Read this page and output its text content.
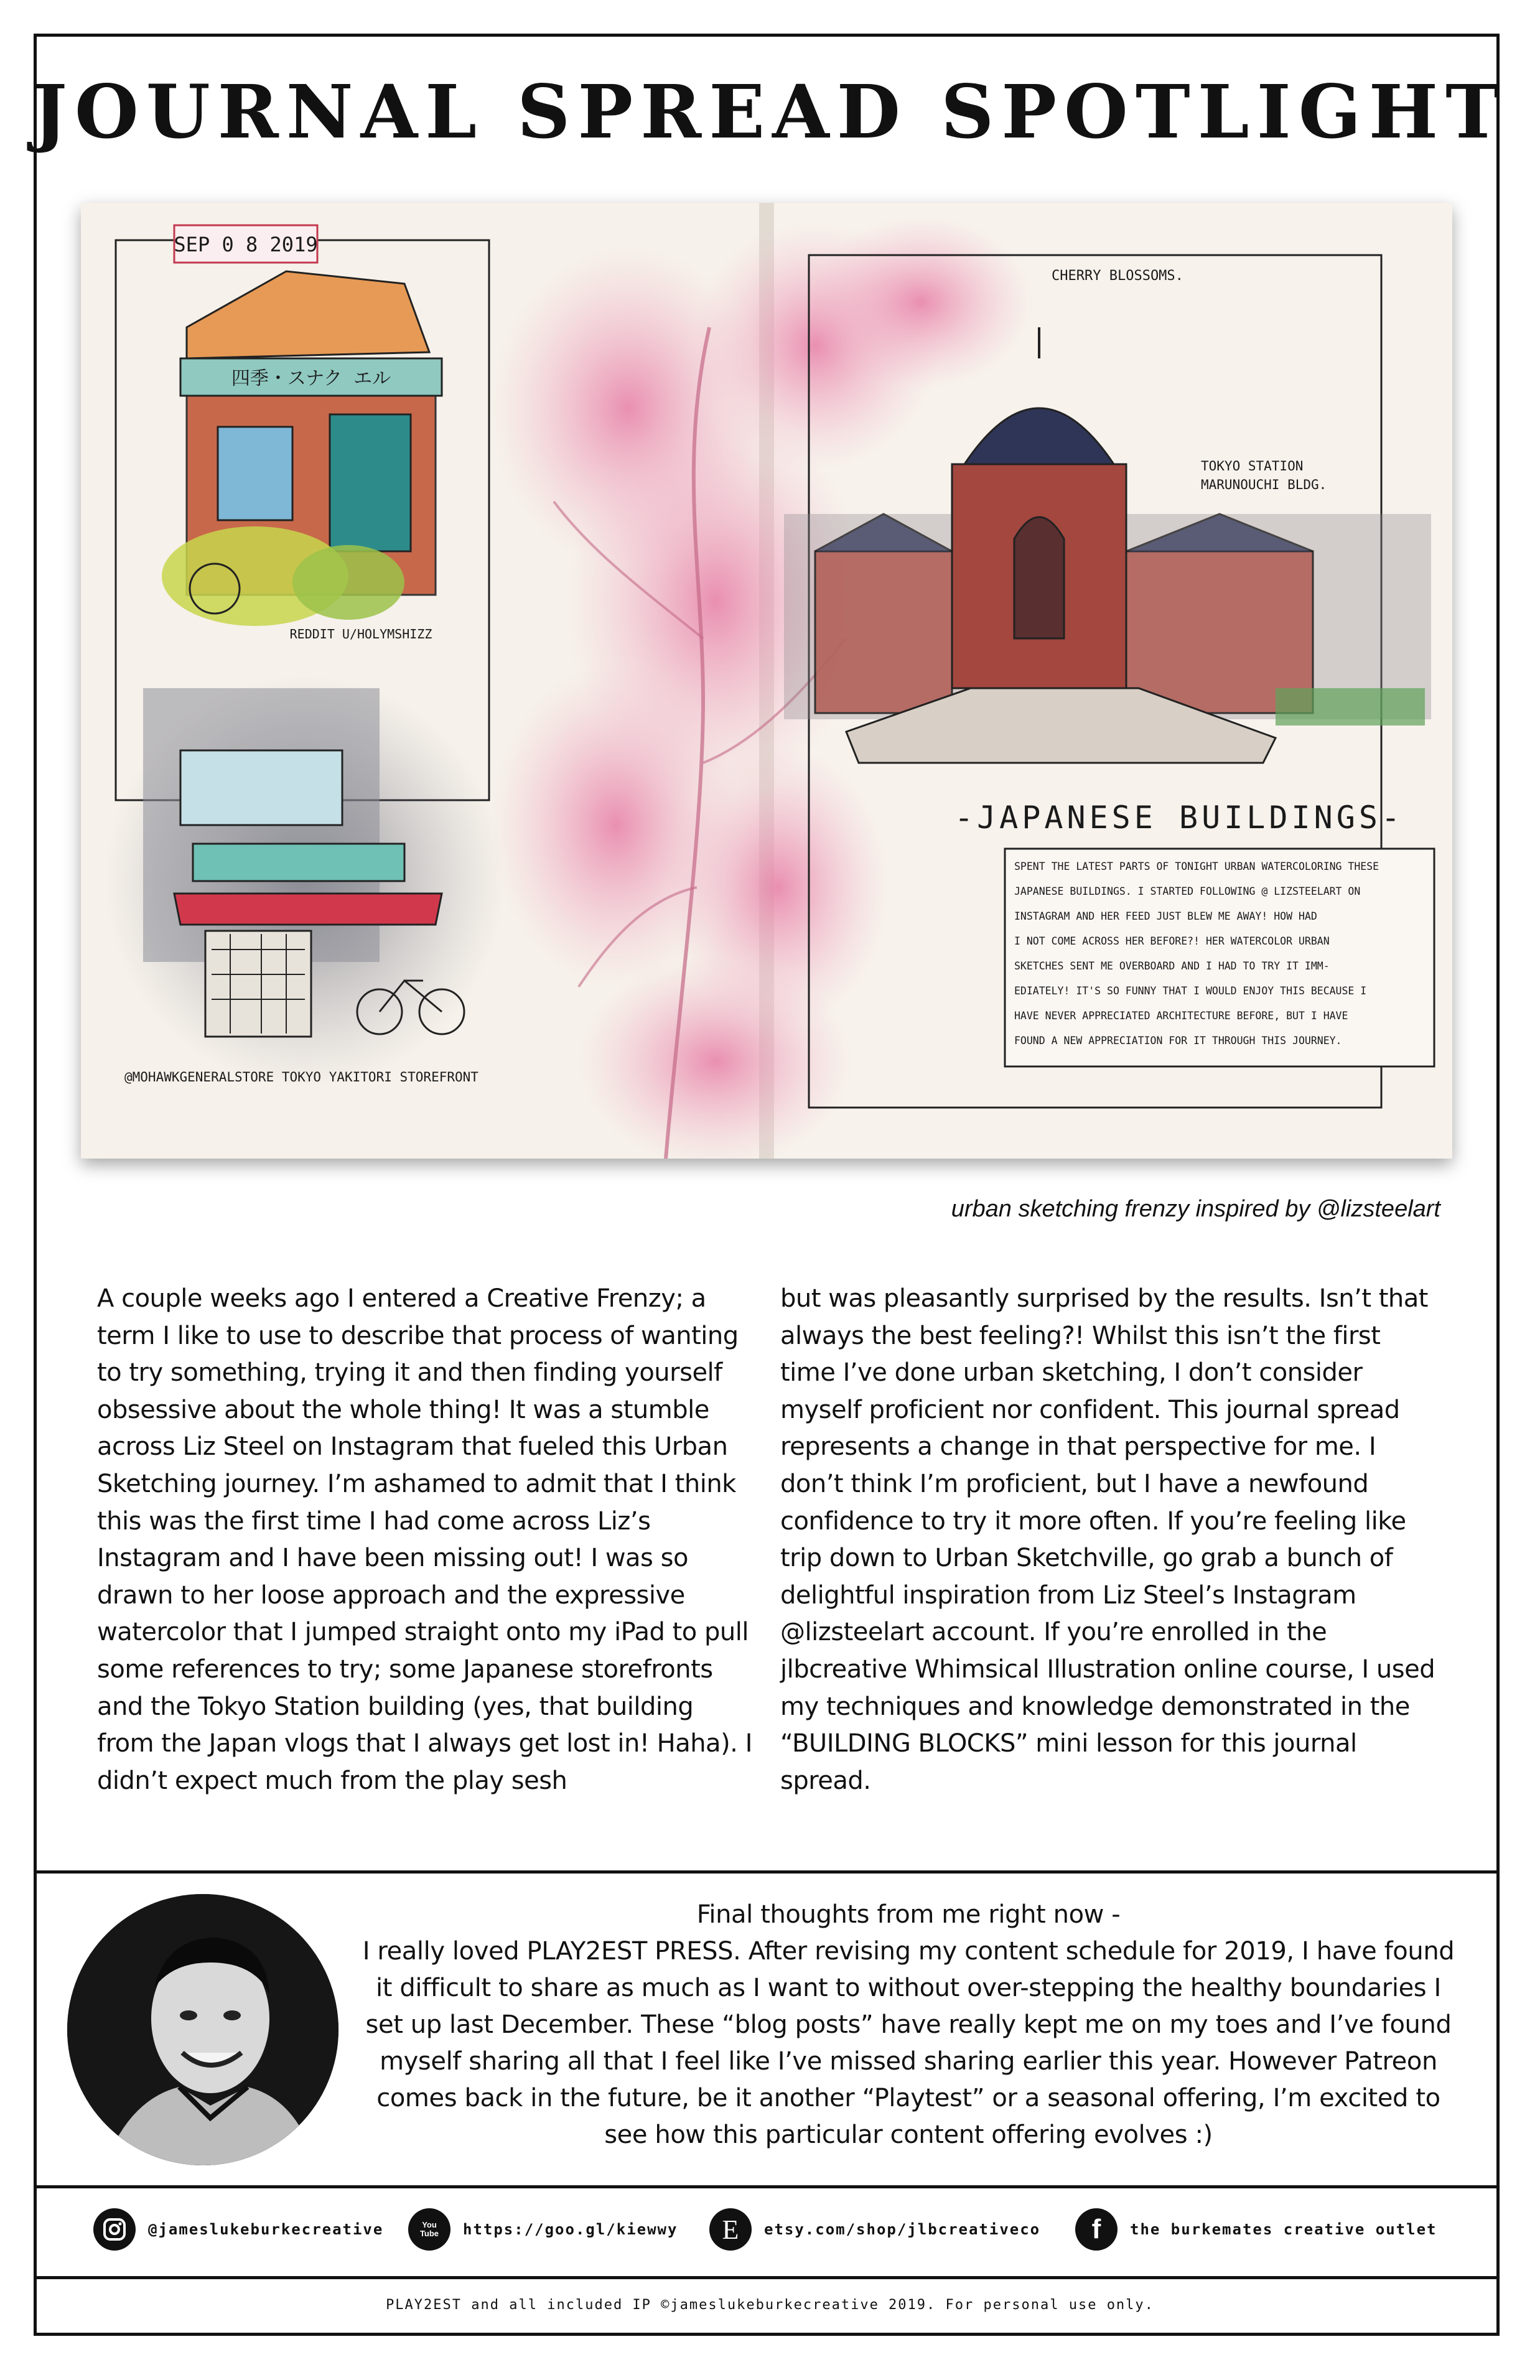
JOURNAL SPREAD SPOTLIGHT
SEP 0 8 2019
四季・スナク エル
REDDIT U/HOLYMSHIZZ
@MOHAWKGENERALSTORE TOKYO YAKITORI STOREFRONT
CHERRY BLOSSOMS.
TOKYO STATION
MARUNOUCHI BLDG.
-JAPANESE BUILDINGS-
SPENT THE LATEST PARTS OF TONIGHT URBAN WATERCOLORING THESE
JAPANESE BUILDINGS. I STARTED FOLLOWING @ LIZSTEELART ON
INSTAGRAM AND HER FEED JUST BLEW ME AWAY! HOW HAD
I NOT COME ACROSS HER BEFORE?! HER WATERCOLOR URBAN
SKETCHES SENT ME OVERBOARD AND I HAD TO TRY IT IMM-
EDIATELY! IT'S SO FUNNY THAT I WOULD ENJOY THIS BECAUSE I
HAVE NEVER APPRECIATED ARCHITECTURE BEFORE, BUT I HAVE
FOUND A NEW APPRECIATION FOR IT THROUGH THIS JOURNEY.
urban sketching frenzy inspired by @lizsteelart
A couple weeks ago I entered a Creative Frenzy; a term I like to use to describe that process of wanting to try something, trying it and then finding yourself obsessive about the whole thing! It was a stumble across Liz Steel on Instagram that fueled this Urban Sketching journey. I’m ashamed to admit that I think this was the first time I had come across Liz’s Instagram and I have been missing out! I was so drawn to her loose approach and the expressive watercolor that I jumped straight onto my iPad to pull some references to try; some Japanese storefronts and the Tokyo Station building (yes, that building from the Japan vlogs that I always get lost in! Haha). I didn’t expect much from the play sesh
but was pleasantly surprised by the results. Isn’t that always the best feeling?! Whilst this isn’t the first time I’ve done urban sketching, I don’t consider myself proficient nor confident. This journal spread represents a change in that perspective for me. I don’t think I’m proficient, but I have a newfound confidence to try it more often. If you’re feeling like trip down to Urban Sketchville, go grab a bunch of delightful inspiration from Liz Steel’s Instagram @lizsteelart account. If you’re enrolled in the jlbcreative Whimsical Illustration online course, I used my techniques and knowledge demonstrated in the “BUILDING BLOCKS” mini lesson for this journal spread.
Final thoughts from me right now -
I really loved PLAY2EST PRESS. After revising my content schedule for 2019, I have found it difficult to share as much as I want to without over-stepping the healthy boundaries I set up last December. These “blog posts” have really kept me on my toes and I’ve found myself sharing all that I feel like I’ve missed sharing earlier this year. However Patreon comes back in the future, be it another “Playtest” or a seasonal offering, I’m excited to see how this particular content offering evolves :)
@jameslukeburkecreative	You Tube https://goo.gl/kiewwy E etsy.com/shop/jlbcreativeco f the burkemates creative outlet
PLAY2EST and all included IP ©jameslukeburkecreative 2019. For personal use only.
